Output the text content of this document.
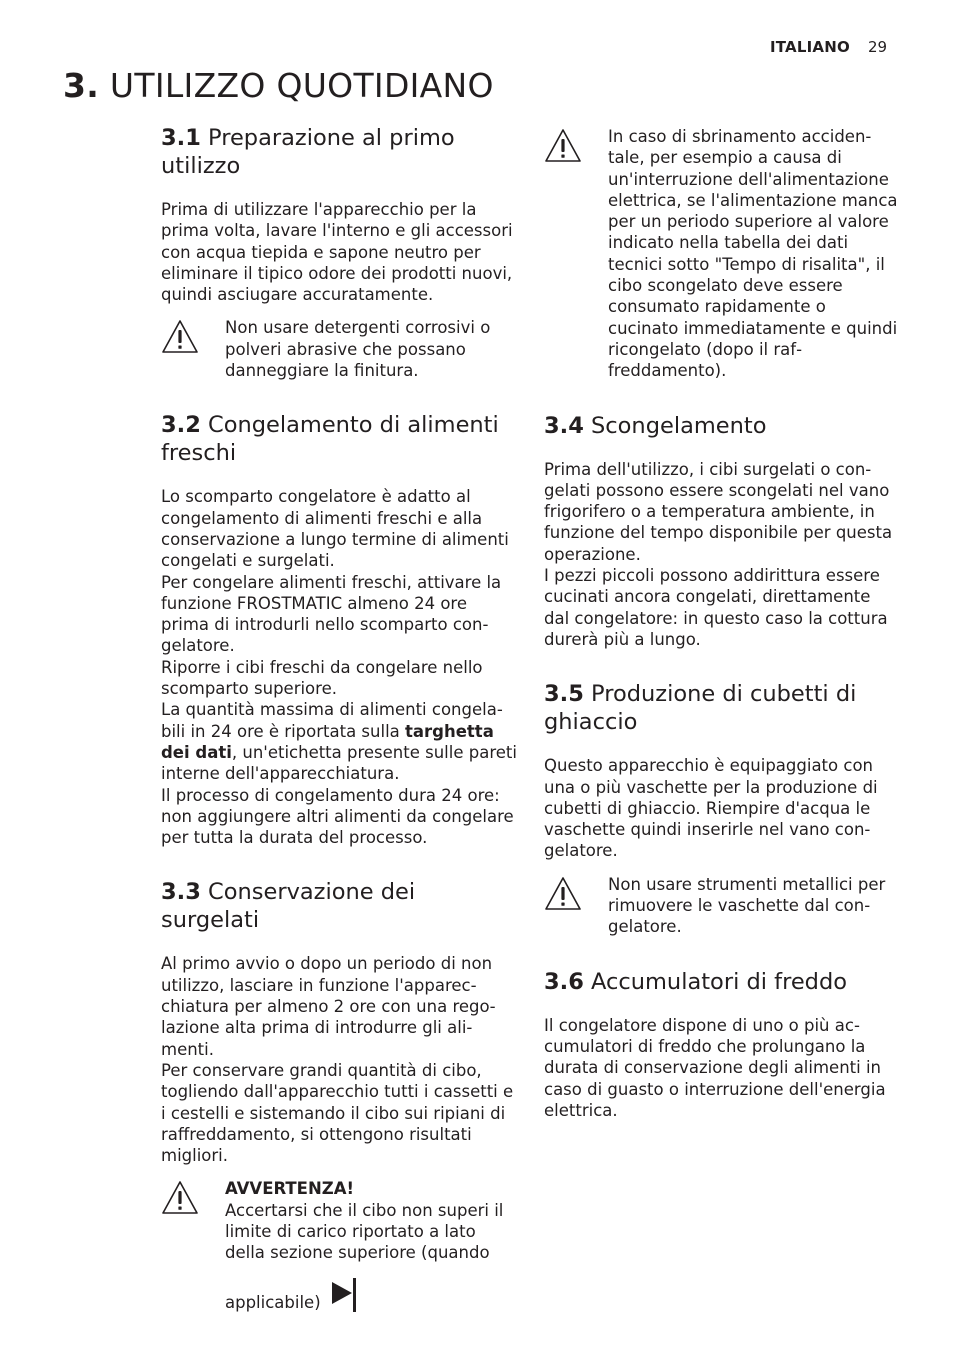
ITALIANO 29
3. UTILIZZO QUOTIDIANO
3.1 Preparazione al primo utilizzo

Prima di utilizzare l'apparecchio per la prima volta, lavare l'interno e gli accessori con acqua tiepida e sapone neutro per eliminare il tipico odore dei prodotti nuovi, quindi asciugare accuratamente.

Non usare detergenti corrosivi o polveri abrasive che possano danneggiare la finitura.

3.2 Congelamento di alimenti freschi

Lo scomparto congelatore è adatto al congelamento di alimenti freschi e alla conservazione a lungo termine di alimenti congelati e surgelati.

Per congelare alimenti freschi, attivare la funzione FROSTMATIC almeno 24 ore prima di introdurli nello scomparto congelatore.

Riporre i cibi freschi da congelare nello scomparto superiore.

La quantità massima di alimenti congelabili in 24 ore è riportata sulla targhetta dei dati, un'etichetta presente sulle pareti interne dell'apparecchiatura.

Il processo di congelamento dura 24 ore: non aggiungere altri alimenti da congelare per tutta la durata del processo.

3.3 Conservazione dei surgelati

Al primo avvio o dopo un periodo di non utilizzo, lasciare in funzione l'apparecchiatura per almeno 2 ore con una regolazione alta prima di introdurre gli alimenti.

Per conservare grandi quantità di cibo, togliendo dall'apparecchio tutti i cassetti e i cestelli e sistemando il cibo sui ripiani di raffreddamento, si ottengono risultati migliori.

AVVERTENZA!

Accertarsi che il cibo non superi il limite di carico riportato a lato della sezione superiore (quando

applicabile)

In caso di sbrinamento accidentale, per esempio a causa di un'interruzione dell'alimentazione elettrica, se l'alimentazione manca per un periodo superiore al valore indicato nella tabella dei dati tecnici sotto "Tempo di risalita", il cibo scongelato deve essere consumato rapidamente o cucinato immediatamente e quindi ricongelato (dopo il raffreddamento).

3.4 Scongelamento

Prima dell'utilizzo, i cibi surgelati o congelati possono essere scongelati nel vano frigorifero o a temperatura ambiente, in funzione del tempo disponibile per questa operazione.

I pezzi piccoli possono addirittura essere cucinati ancora congelati, direttamente dal congelatore: in questo caso la cottura durerà più a lungo.

3.5 Produzione di cubetti di ghiaccio

Questo apparecchio è equipaggiato con una o più vaschette per la produzione di cubetti di ghiaccio. Riempire d'acqua le vaschette quindi inserirle nel vano congelatore.

Non usare strumenti metallici per rimuovere le vaschette dal congelatore.

3.6 Accumulatori di freddo

Il congelatore dispone di uno o più accumulatori di freddo che prolungano la durata di conservazione degli alimenti in caso di guasto o interruzione dell'energia elettrica.
